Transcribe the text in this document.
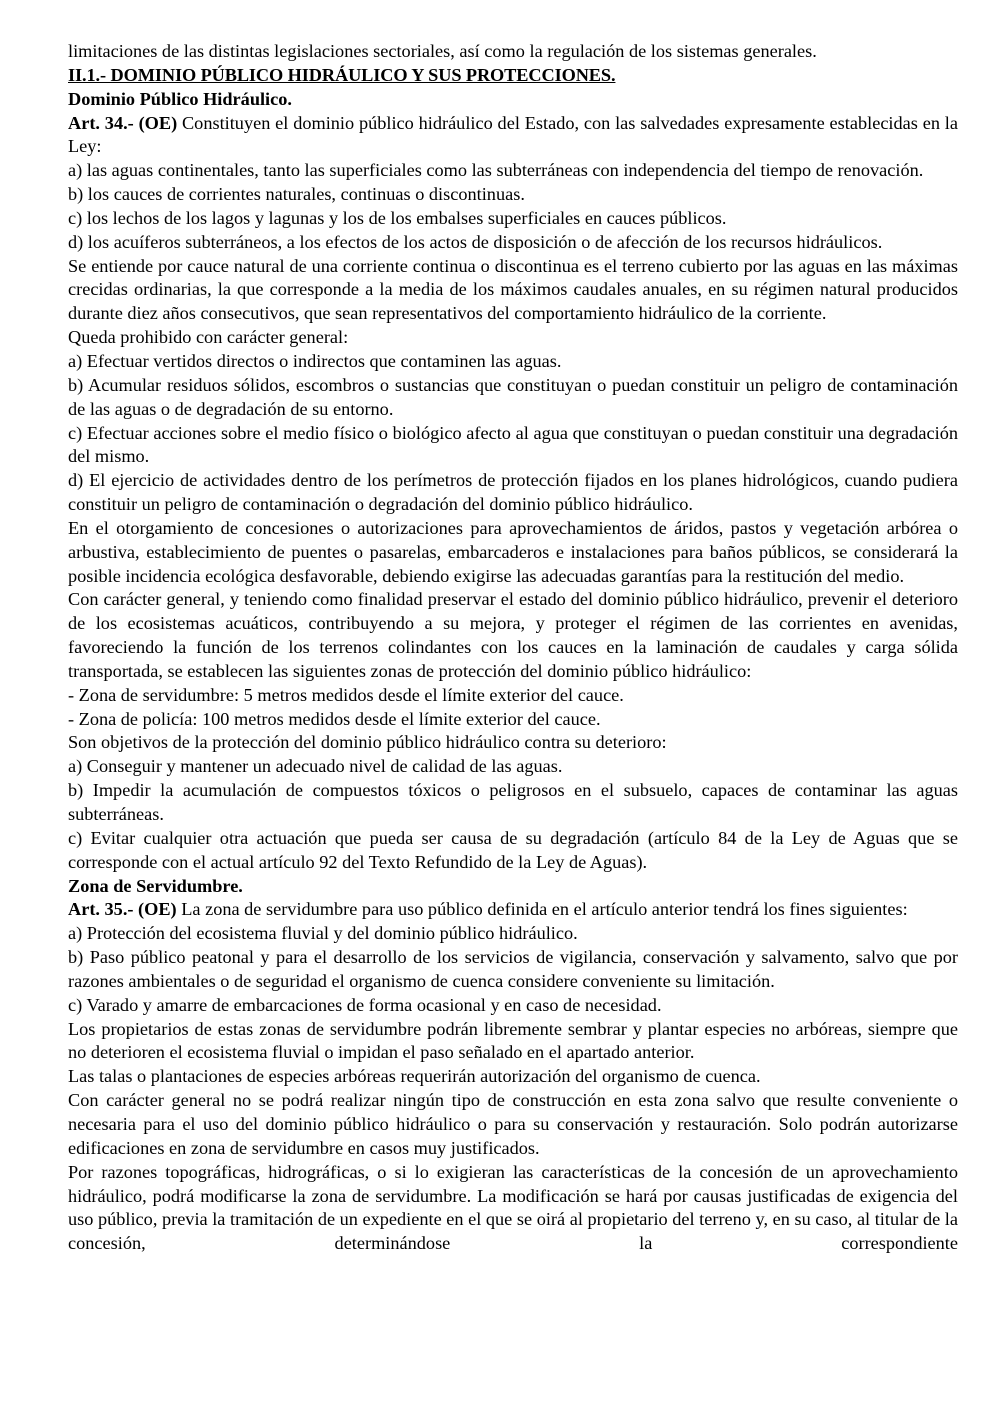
limitaciones de las distintas legislaciones sectoriales, así como la regulación de los sistemas generales.

II.1.- DOMINIO PÚBLICO HIDRÁULICO Y SUS PROTECCIONES.

Dominio Público Hidráulico.

Art. 34.- (OE) Constituyen el dominio público hidráulico del Estado, con las salvedades expresamente establecidas en la Ley:

a) las aguas continentales, tanto las superficiales como las subterráneas con independencia del tiempo de renovación.

b) los cauces de corrientes naturales, continuas o discontinuas.

c) los lechos de los lagos y lagunas y los de los embalses superficiales en cauces públicos.

d) los acuíferos subterráneos, a los efectos de los actos de disposición o de afección de los recursos hidráulicos.

Se entiende por cauce natural de una corriente continua o discontinua es el terreno cubierto por las aguas en las máximas crecidas ordinarias, la que corresponde a la media de los máximos caudales anuales, en su régimen natural producidos durante diez años consecutivos, que sean representativos del comportamiento hidráulico de la corriente.

Queda prohibido con carácter general:

a) Efectuar vertidos directos o indirectos que contaminen las aguas.

b) Acumular residuos sólidos, escombros o sustancias que constituyan o puedan constituir un peligro de contaminación de las aguas o de degradación de su entorno.

c) Efectuar acciones sobre el medio físico o biológico afecto al agua que constituyan o puedan constituir una degradación del mismo.

d) El ejercicio de actividades dentro de los perímetros de protección fijados en los planes hidrológicos, cuando pudiera constituir un peligro de contaminación o degradación del dominio público hidráulico.

En el otorgamiento de concesiones o autorizaciones para aprovechamientos de áridos, pastos y vegetación arbórea o arbustiva, establecimiento de puentes o pasarelas, embarcaderos e instalaciones para baños públicos, se considerará la posible incidencia ecológica desfavorable, debiendo exigirse las adecuadas garantías para la restitución del medio.

Con carácter general, y teniendo como finalidad preservar el estado del dominio público hidráulico, prevenir el deterioro de los ecosistemas acuáticos, contribuyendo a su mejora, y proteger el régimen de las corrientes en avenidas, favoreciendo la función de los terrenos colindantes con los cauces en la laminación de caudales y carga sólida transportada, se establecen las siguientes zonas de protección del dominio público hidráulico:

- Zona de servidumbre: 5 metros medidos desde el límite exterior del cauce.

- Zona de policía: 100 metros medidos desde el límite exterior del cauce.

Son objetivos de la protección del dominio público hidráulico contra su deterioro:

a) Conseguir y mantener un adecuado nivel de calidad de las aguas.

b) Impedir la acumulación de compuestos tóxicos o peligrosos en el subsuelo, capaces de contaminar las aguas subterráneas.

c) Evitar cualquier otra actuación que pueda ser causa de su degradación (artículo 84 de la Ley de Aguas que se corresponde con el actual artículo 92 del Texto Refundido de la Ley de Aguas).

Zona de Servidumbre.

Art. 35.- (OE) La zona de servidumbre para uso público definida en el artículo anterior tendrá los fines siguientes:

a) Protección del ecosistema fluvial y del dominio público hidráulico.

b) Paso público peatonal y para el desarrollo de los servicios de vigilancia, conservación y salvamento, salvo que por razones ambientales o de seguridad el organismo de cuenca considere conveniente su limitación.

c) Varado y amarre de embarcaciones de forma ocasional y en caso de necesidad.

Los propietarios de estas zonas de servidumbre podrán libremente sembrar y plantar especies no arbóreas, siempre que no deterioren el ecosistema fluvial o impidan el paso señalado en el apartado anterior.

Las talas o plantaciones de especies arbóreas requerirán autorización del organismo de cuenca.

Con carácter general no se podrá realizar ningún tipo de construcción en esta zona salvo que resulte conveniente o necesaria para el uso del dominio público hidráulico o para su conservación y restauración. Solo podrán autorizarse edificaciones en zona de servidumbre en casos muy justificados.

Por razones topográficas, hidrográficas, o si lo exigieran las características de la concesión de un aprovechamiento hidráulico, podrá modificarse la zona de servidumbre. La modificación se hará por causas justificadas de exigencia del uso público, previa la tramitación de un expediente en el que se oirá al propietario del terreno y, en su caso, al titular de la concesión, determinándose la correspondiente
